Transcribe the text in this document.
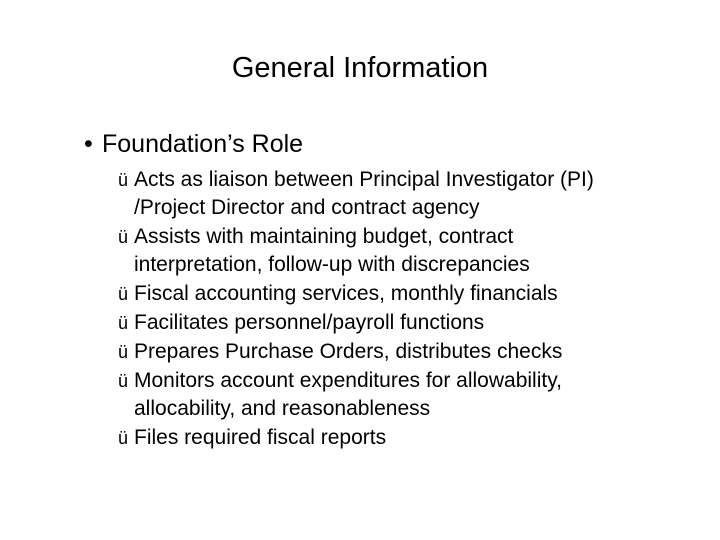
General Information
• Foundation’s Role
ü Acts as liaison between Principal Investigator (PI)
/Project Director and contract agency
ü Assists with maintaining budget, contract
interpretation, follow-up with discrepancies
ü Fiscal accounting services, monthly financials
ü Facilitates personnel/payroll functions
ü Prepares Purchase Orders, distributes checks
ü Monitors account expenditures for allowability,
allocability, and reasonableness
ü Files required fiscal reports
